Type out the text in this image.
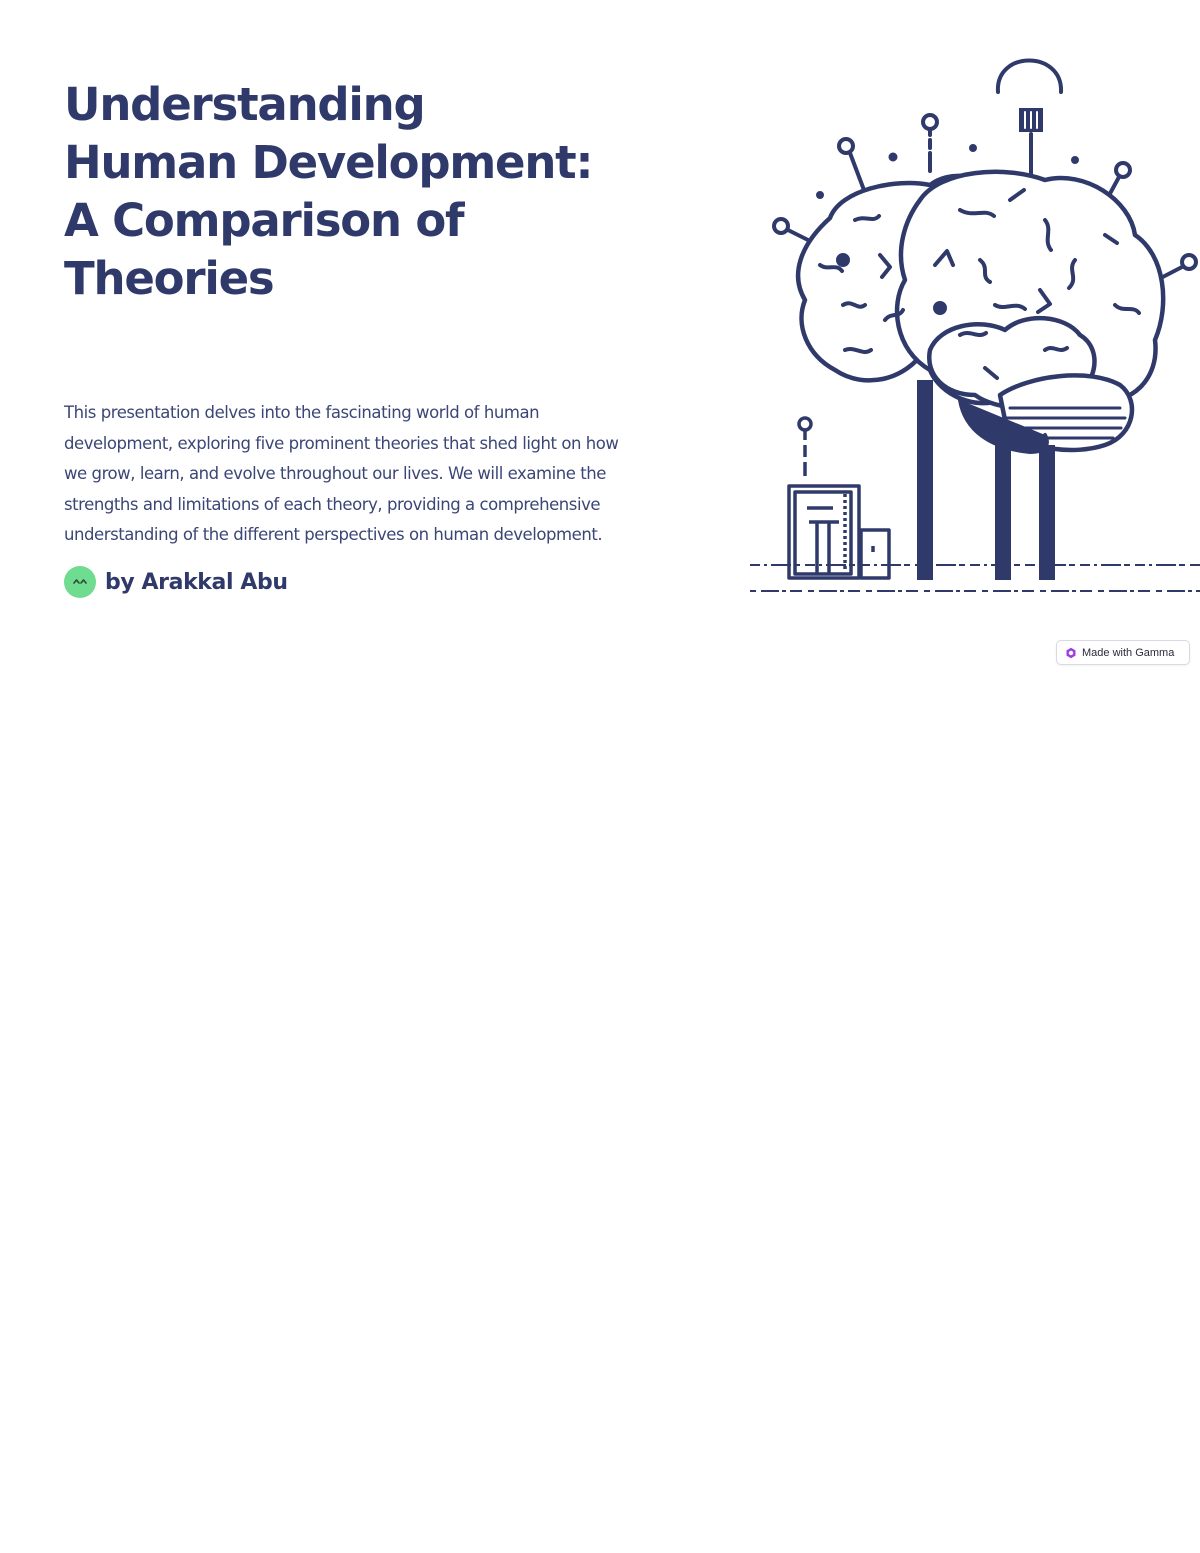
Understanding
Human Development:
A Comparison of
Theories

This presentation delves into the fascinating world of human
development, exploring five prominent theories that shed light on how
we grow, learn, and evolve throughout our lives. We will examine the
strengths and limitations of each theory, providing a comprehensive
understanding of the different perspectives on human development.

by Arakkal Abu
Made with Gamma
